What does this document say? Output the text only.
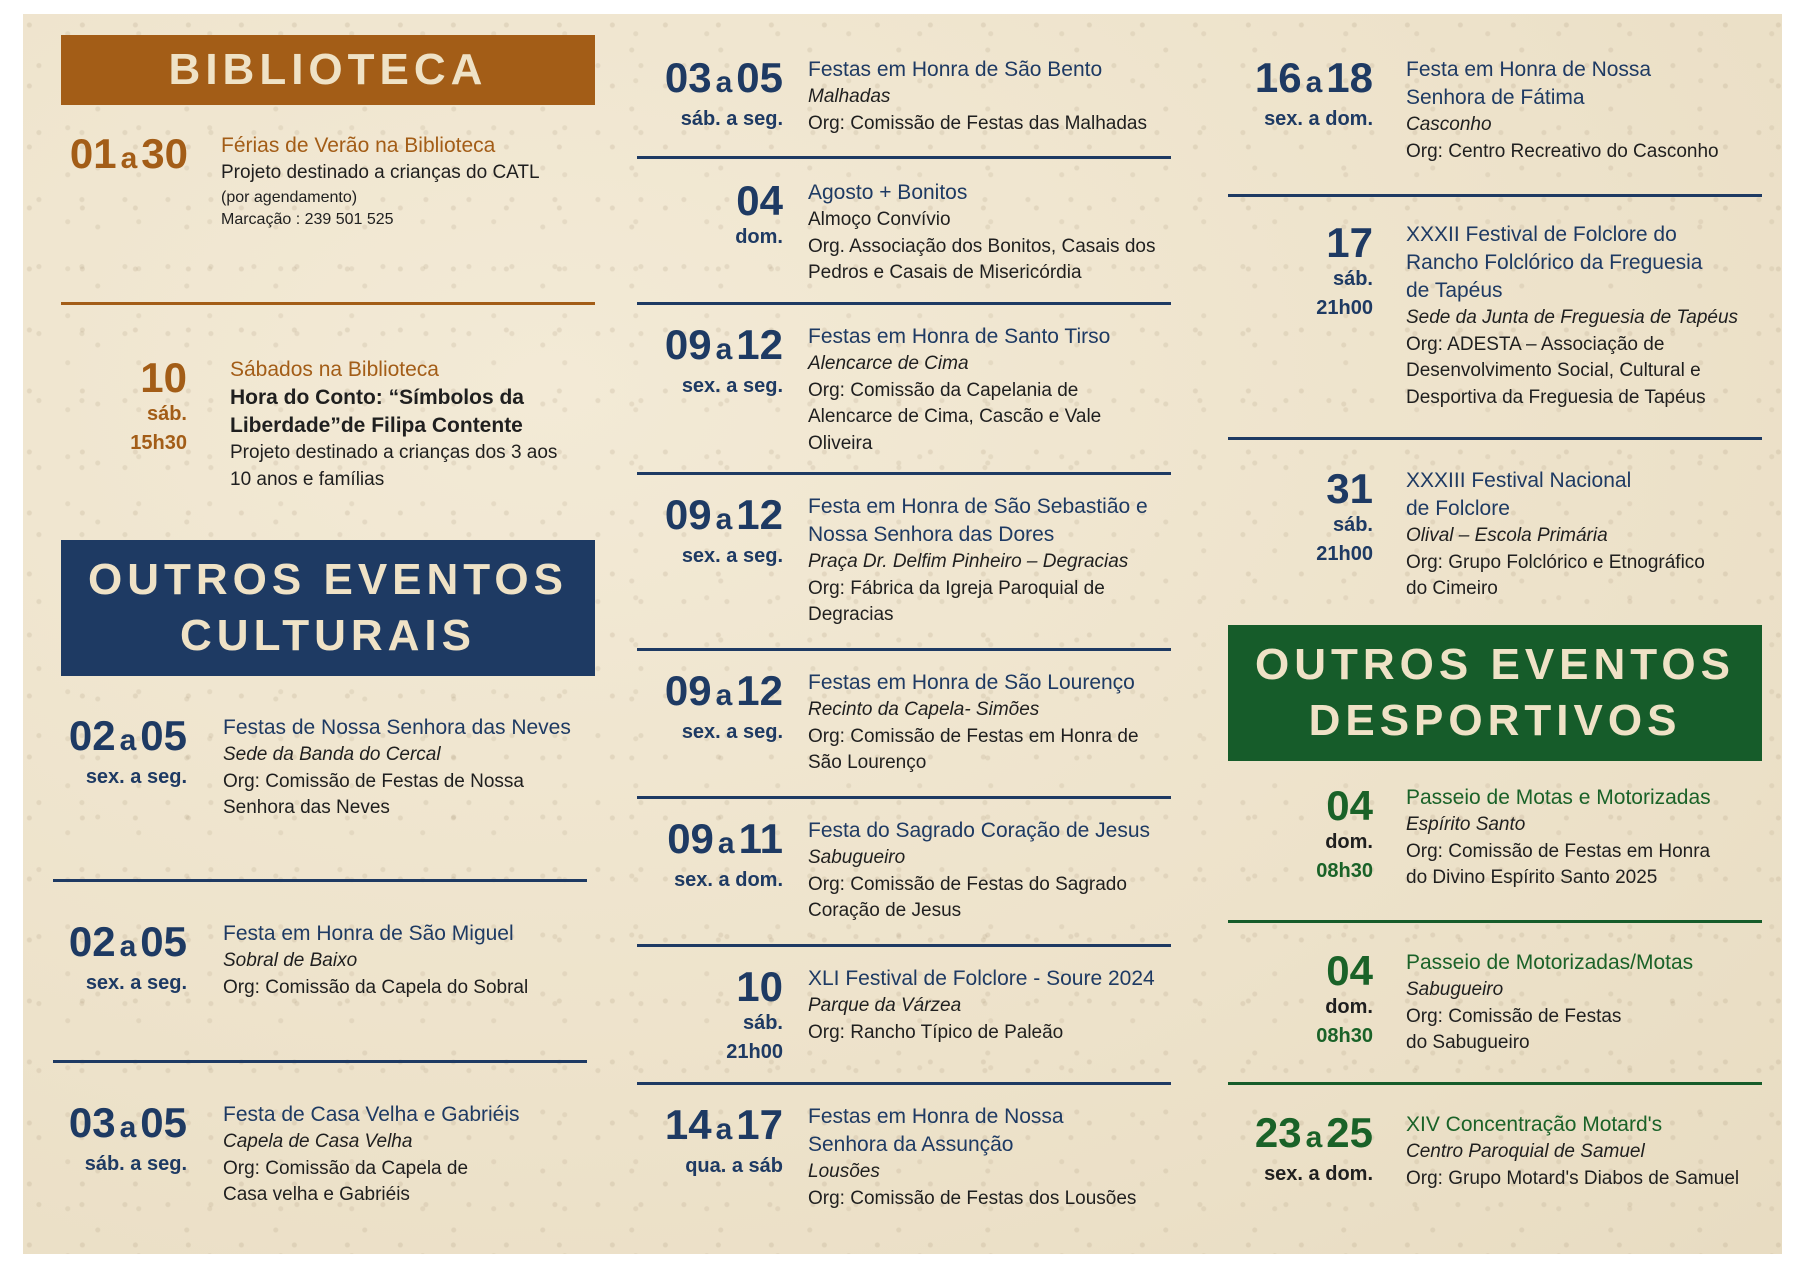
BIBLIOTECA
01 a30 Férias de Verão na Biblioteca
Projeto destinado a crianças do CATL
(por agendamento)
Marcação : 239 501 525
10
sáb.
15h30
Sábados na Biblioteca
Hora do Conto: “Símbolos da
Liberdade”de Filipa Contente
Projeto destinado a crianças dos 3 aos
10 anos e famílias
OUTROS EVENTOS
CULTURAIS
02 a05
sex. a seg.
Festas de Nossa Senhora das Neves
Sede da Banda do Cercal
Org: Comissão de Festas de Nossa
Senhora das Neves
02 a05
sex. a seg.
Festa em Honra de São Miguel
Sobral de Baixo
Org: Comissão da Capela do Sobral
03 a05
sáb. a seg.
Festa de Casa Velha e Gabriéis
Capela de Casa Velha
Org: Comissão da Capela de
Casa velha e Gabriéis
03 a05
sáb. a seg.
Festas em Honra de São Bento
Malhadas
Org: Comissão de Festas das Malhadas
04
dom.
Agosto + Bonitos
Almoço Convívio
Org. Associação dos Bonitos, Casais dos
Pedros e Casais de Misericórdia
09 a12
sex. a seg.
Festas em Honra de Santo Tirso
Alencarce de Cima
Org: Comissão da Capelania de
Alencarce de Cima, Cascão e Vale
Oliveira
09 a12
sex. a seg.
Festa em Honra de São Sebastião e
Nossa Senhora das Dores
Praça Dr. Delfim Pinheiro – Degracias
Org: Fábrica da Igreja Paroquial de
Degracias
09 a12
sex. a seg.
Festas em Honra de São Lourenço
Recinto da Capela- Simões
Org: Comissão de Festas em Honra de
São Lourenço
09 a11
sex. a dom.
Festa do Sagrado Coração de Jesus
Sabugueiro
Org: Comissão de Festas do Sagrado
Coração de Jesus
10
sáb.
21h00
XLI Festival de Folclore - Soure 2024
Parque da Várzea
Org: Rancho Típico de Paleão
14 a17
qua. a sáb
Festas em Honra de Nossa
Senhora da Assunção
Lousões
Org: Comissão de Festas dos Lousões
16 a18
sex. a dom.
Festa em Honra de Nossa
Senhora de Fátima
Casconho
Org: Centro Recreativo do Casconho
17
sáb.
21h00
XXXII Festival de Folclore do
Rancho Folclórico da Freguesia
de Tapéus
Sede da Junta de Freguesia de Tapéus
Org: ADESTA – Associação de
Desenvolvimento Social, Cultural e
Desportiva da Freguesia de Tapéus
31
sáb.
21h00
XXXIII Festival Nacional
de Folclore
Olival – Escola Primária
Org: Grupo Folclórico e Etnográfico
do Cimeiro
OUTROS EVENTOS
DESPORTIVOS
04
dom.
08h30
Passeio de Motas e Motorizadas
Espírito Santo
Org: Comissão de Festas em Honra
do Divino Espírito Santo 2025
04
dom.
08h30
Passeio de Motorizadas/Motas
Sabugueiro
Org: Comissão de Festas
do Sabugueiro
23 a25
sex. a dom.
XIV Concentração Motard's
Centro Paroquial de Samuel
Org: Grupo Motard's Diabos de Samuel
